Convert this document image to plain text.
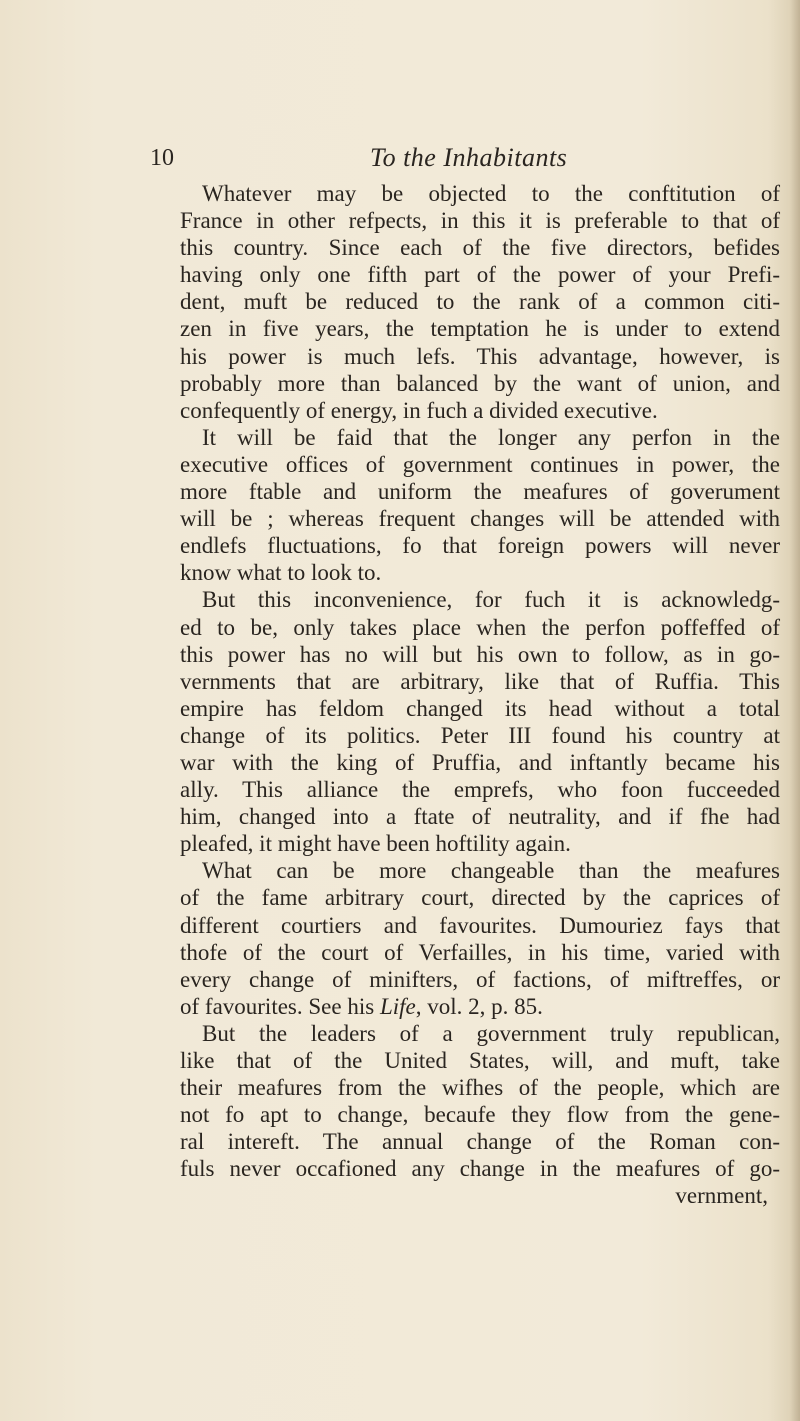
10	To the Inhabitants
Whatever may be objected to the conftitution of
France in other refpects, in this it is preferable to that of
this country. Since each of the five directors, befides
having only one fifth part of the power of your Prefi-
dent, muft be reduced to the rank of a common citi-
zen in five years, the temptation he is under to extend
his power is much lefs. This advantage, however, is
probably more than balanced by the want of union, and
confequently of energy, in fuch a divided executive.
It will be faid that the longer any perfon in the
executive offices of government continues in power, the
more ftable and uniform the meafures of goverument
will be ; whereas frequent changes will be attended with
endlefs fluctuations, fo that foreign powers will never
know what to look to.
But this inconvenience, for fuch it is acknowledg-
ed to be, only takes place when the perfon poffeffed of
this power has no will but his own to follow, as in go-
vernments that are arbitrary, like that of Ruffia. This
empire has feldom changed its head without a total
change of its politics. Peter III found his country at
war with the king of Pruffia, and inftantly became his
ally. This alliance the emprefs, who foon fucceeded
him, changed into a ftate of neutrality, and if fhe had
pleafed, it might have been hoftility again.
What can be more changeable than the meafures
of the fame arbitrary court, directed by the caprices of
different courtiers and favourites. Dumouriez fays that
thofe of the court of Verfailles, in his time, varied with
every change of minifters, of factions, of miftreffes, or
of favourites. See his Life, vol. 2, p. 85.
But the leaders of a government truly republican,
like that of the United States, will, and muft, take
their meafures from the wifhes of the people, which are
not fo apt to change, becaufe they flow from the gene-
ral intereft. The annual change of the Roman con-
fuls never occafioned any change in the meafures of go-
vernment,
